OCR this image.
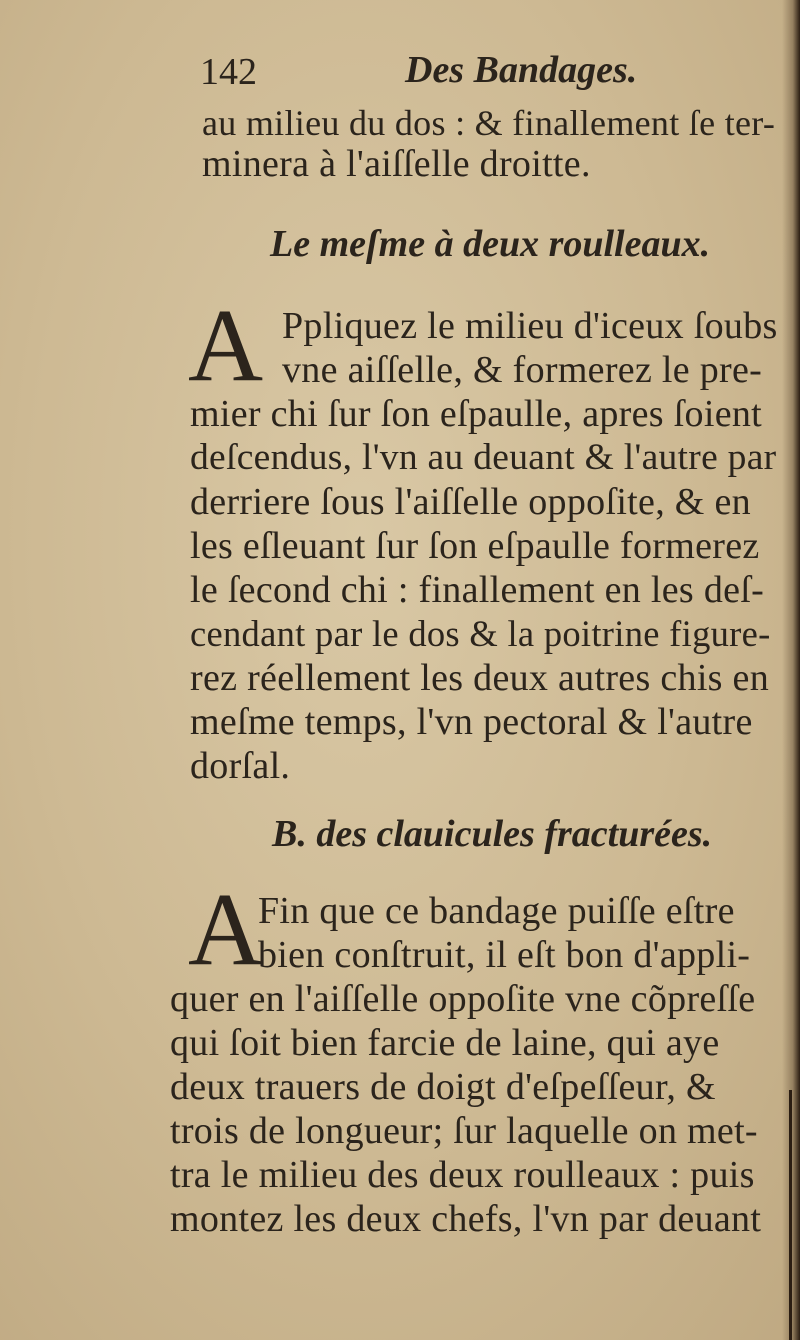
142	Des Bandages.
au milieu du dos : & finallement ſe ter-
minera à l'aiſſelle droitte.
Le meſme à deux roulleaux.
A Ppliquez le milieu d'iceux ſoubs
vne aiſſelle, & formerez le pre-
mier chi ſur ſon eſpaulle, apres ſoient
deſcendus, l'vn au deuant & l'autre par
derriere ſous l'aiſſelle oppoſite, & en
les eſleuant ſur ſon eſpaulle formerez
le ſecond chi : finallement en les deſ-
cendant par le dos & la poitrine figure-
rez réellement les deux autres chis en
meſme temps, l'vn pectoral & l'autre
dorſal.
B. des clauicules fracturées.
A
Fin que ce bandage puiſſe eſtre
bien conſtruit, il eſt bon d'appli-
quer en l'aiſſelle oppoſite vne cõpreſſe
qui ſoit bien farcie de laine, qui aye
deux trauers de doigt d'eſpeſſeur, &
trois de longueur; ſur laquelle on met-
tra le milieu des deux roulleaux : puis
montez les deux chefs, l'vn par deuant
